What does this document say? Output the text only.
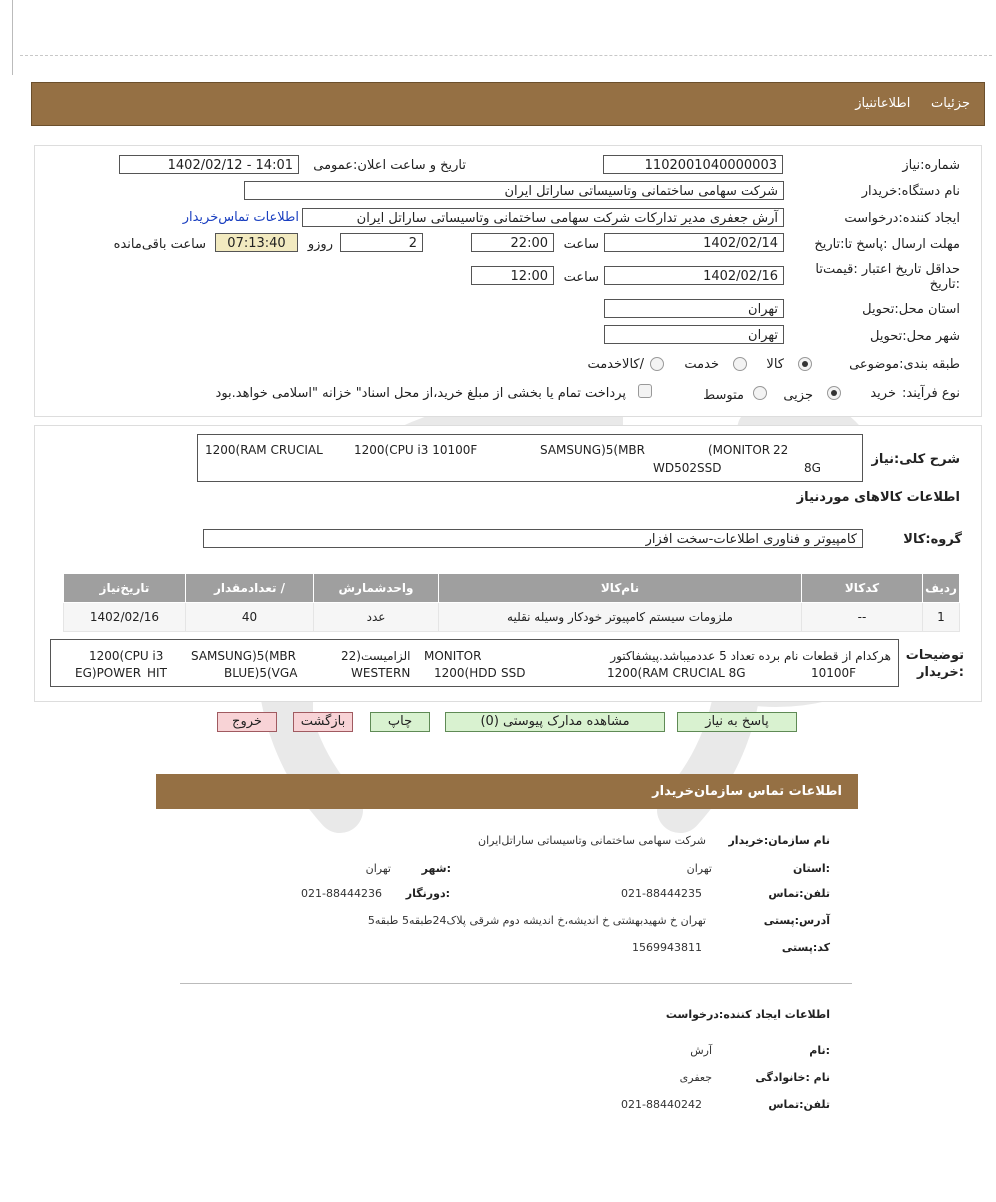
جزئیات     اطلاعاتنیاز
شماره:نیاز
1102001040000003
تاریخ و ساعت اعلان:عمومی
1402/02/12 - 14:01
نام دستگاه:خریدار
شرکت سهامی ساختمانی وتاسیساتی ساراتل ایران
ایجاد کننده:درخواست
آرش جعفری مدیر تدارکات شرکت سهامی ساختمانی وتاسیساتی ساراتل ایران
اطلاعات تماس‌خریدار
مهلت ارسال :پاسخ تا:تاریخ
1402/02/14
ساعت
22:00
روزو	2
07:13:40
ساعت باقی‌مانده
حداقل تاریخ اعتبار :قیمت‌تا
:تاریخ
1402/02/16
ساعت
12:00
استان محل:تحویل
تهران
شهر محل:تحویل
تهران
طبقه بندی:موضوعی
کالا
خدمت
/کالاخدمت
نوع فرآیند:
خرید
جزیی
متوسط
پرداخت تمام یا بخشی از مبلغ خرید،از محل اسناد" خزانه "اسلامی خواهد.بود
شرح کلی:نیاز
1200(RAM CRUCIAL	1200(CPU i3 10100F	SAMSUNG)5(MBR	(MONITOR 22
WD502SSD	8G
اطلاعات کالاهای موردنیاز
گروه:کالا
کامپیوتر و فناوری اطلاعات-سخت افزار
ردیف	کدکالا	نام‌کالا	واحدشمارش	/ تعدادمقدار	تاریخ‌نیاز
1	--	ملزومات سیستم کامپیوتر خودکار وسیله نقلیه	عدد	40	1402/02/16
توضیحات
:خریدار
هرکدام از قطعات نام برده تعداد 5 عددمیباشد.پیشفاکتور
MONITOR
22)الزامیست
SAMSUNG)5(MBR
1200(CPU i3
10100F
1200(RAM CRUCIAL 8G
SSD
1200(HDD
WESTERN
BLUE)5(VGA
EG)POWER HIT
پاسخ به نیاز
مشاهده مدارک پیوستی (0)
چاپ
بازگشت
خروج
اطلاعات تماس سازمان‌خریدار
نام سازمان:خریدار
شرکت سهامی ساختمانی وتاسیساتی ساراتل‌ایران
:استان
تهران
:شهر
تهران
تلفن:تماس
021-88444235
:دورنگار
021-88444236
آدرس:پستی
تهران خ شهیدبهشتی خ اندیشه،خ اندیشه دوم شرقی پلاک24طبقه5 طبقه5
کد:پستی
1569943811
اطلاعات ایجاد کننده:درخواست
:نام
آرش
نام :خانوادگی
جعفری
تلفن:تماس
021-88440242
